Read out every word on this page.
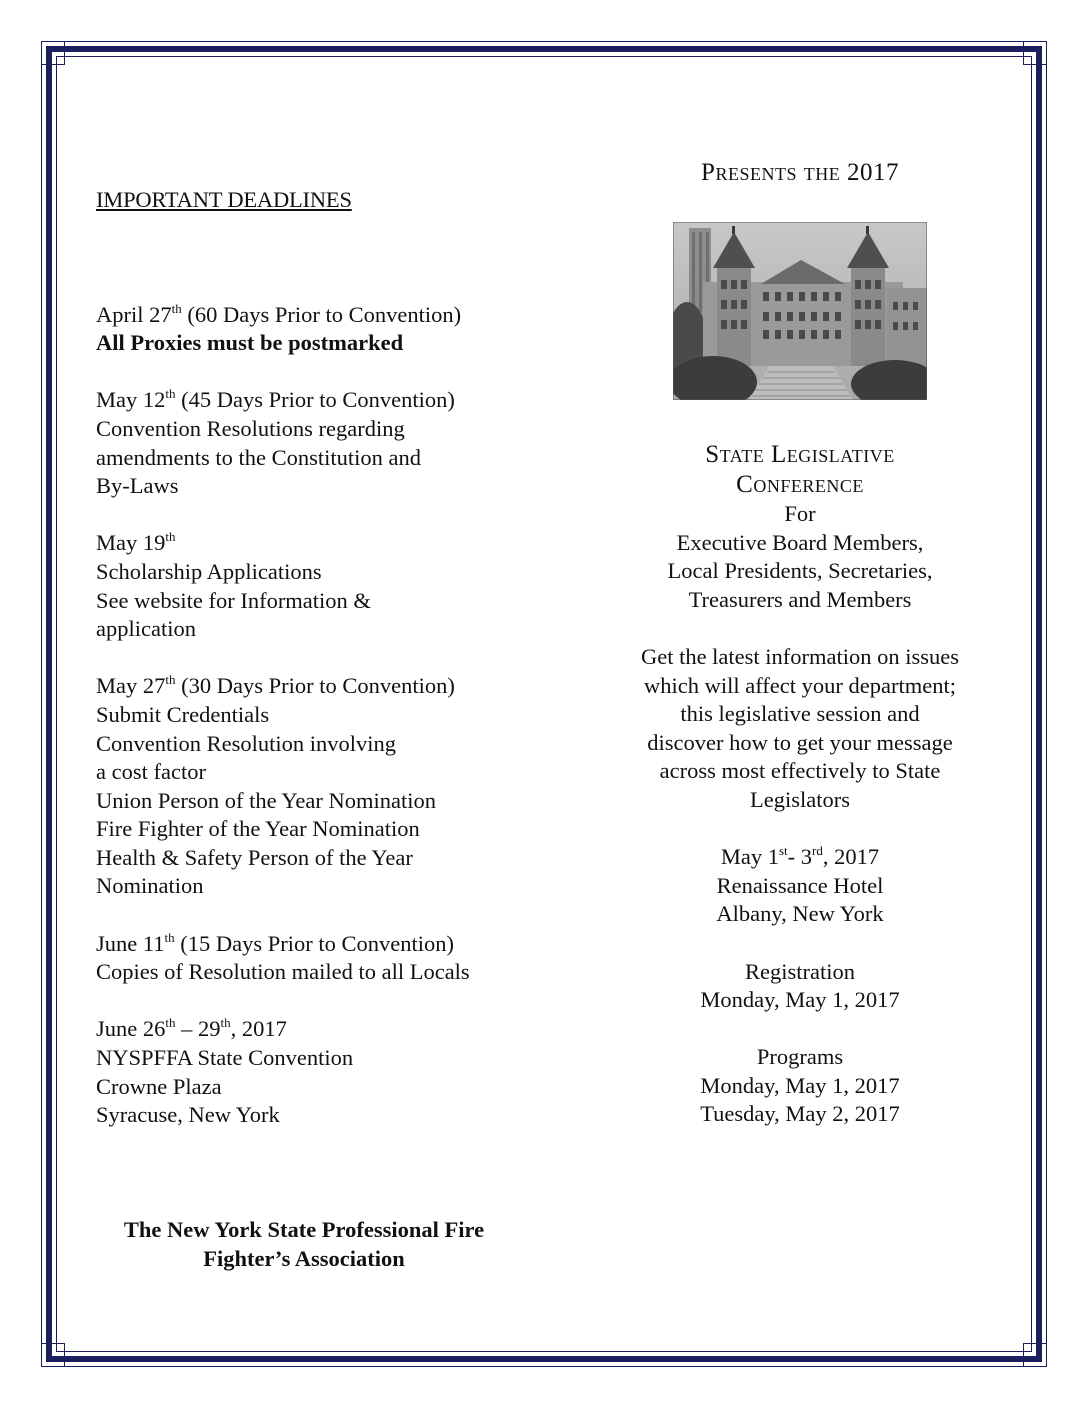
IMPORTANT DEADLINES
April 27th (60 Days Prior to Convention)
All Proxies must be postmarked
May 12th (45 Days Prior to Convention)
Convention Resolutions regarding
amendments to the Constitution and
By-Laws
May 19th
Scholarship Applications
See website for Information &
application
May 27th (30 Days Prior to Convention)
Submit Credentials
Convention Resolution involving
a cost factor
Union Person of the Year Nomination
Fire Fighter of the Year Nomination
Health & Safety Person of the Year
Nomination
June 11th (15 Days Prior to Convention)
Copies of Resolution mailed to all Locals
June 26th – 29th, 2017
NYSPFFA State Convention
Crowne Plaza
Syracuse, New York
The New York State Professional Fire
Fighter’s Association
Presents the 2017
State Legislative
Conference
For
Executive Board Members,
Local Presidents, Secretaries,
Treasurers and Members
Get the latest information on issues
which will affect your department;
this legislative session and
discover how to get your message
across most effectively to State
Legislators
May 1st- 3rd, 2017
Renaissance Hotel
Albany, New York
Registration
Monday, May 1, 2017
Programs
Monday, May 1, 2017
Tuesday, May 2, 2017
